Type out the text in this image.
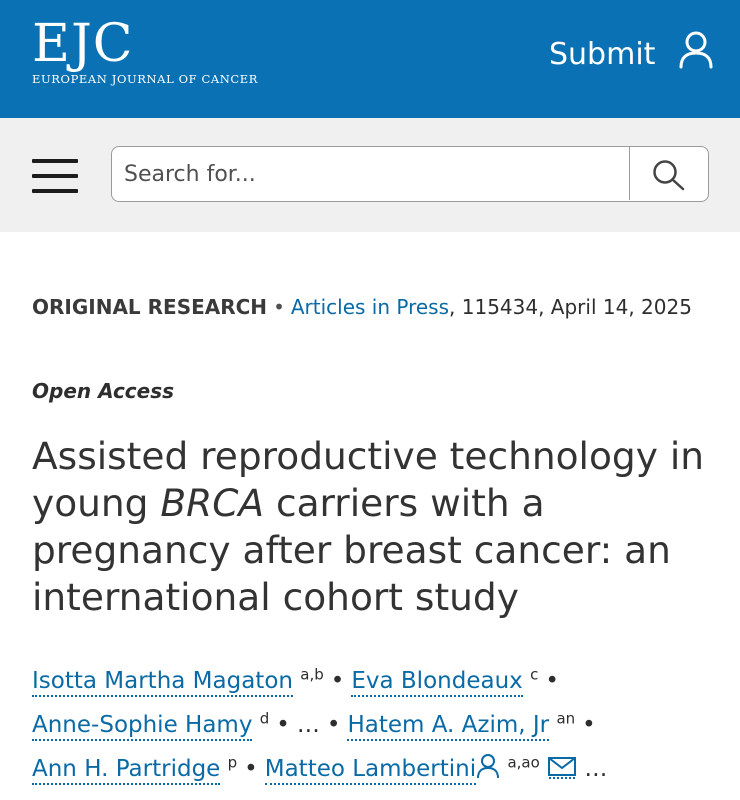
EJC
EUROPEAN JOURNAL OF CANCER
Submit
Search for...
ORIGINAL RESEARCH • Articles in Press, 115434, April 14, 2025
Open Access
Assisted reproductive technology in young BRCA carriers with a pregnancy after breast cancer: an international cohort study
Isotta Martha Magaton $^{a,b}$ • Eva Blondeaux $^c$ •
Anne-Sophie Hamy $^d$ • … • Hatem A. Azim, Jr $^{an}$ •
Ann H. Partridge $^p$ • Matteo Lambertini $^{a,ao}$ …
